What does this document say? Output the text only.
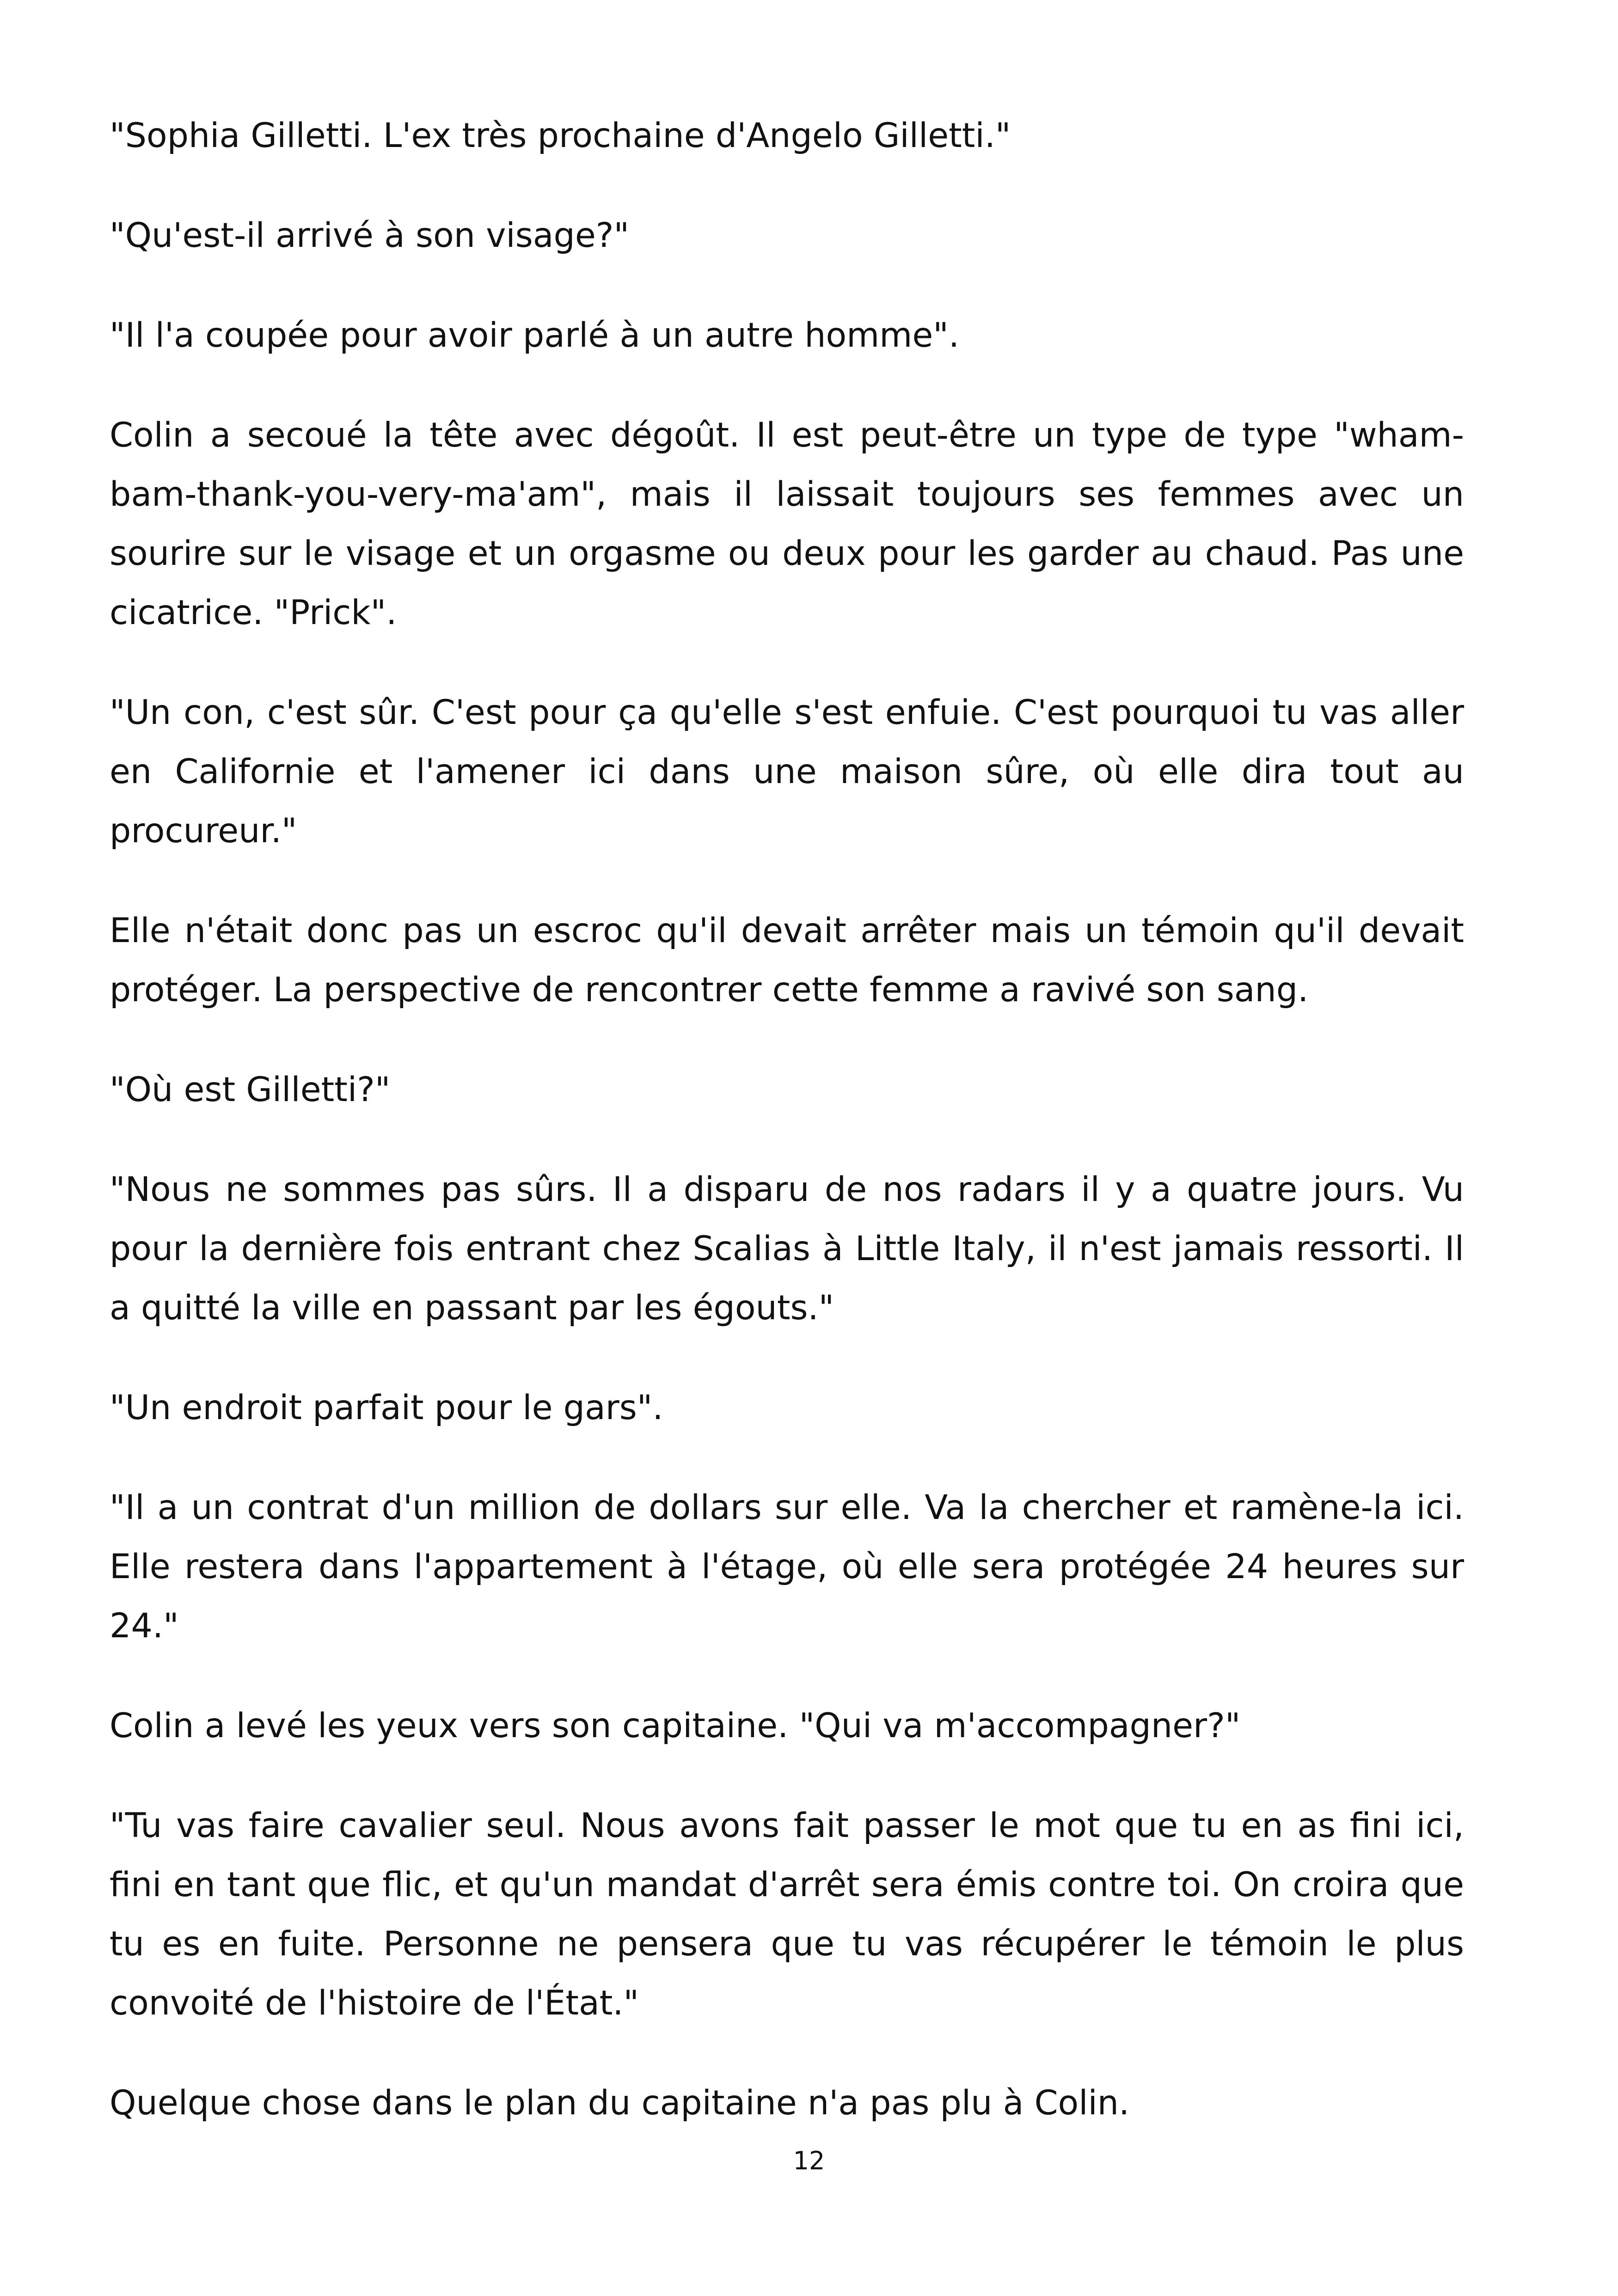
"Sophia Gilletti. L'ex très prochaine d'Angelo Gilletti."

"Qu'est-il arrivé à son visage?"

"Il l'a coupée pour avoir parlé à un autre homme".

Colin a secoué la tête avec dégoût. Il est peut-être un type de type "wham-bam-thank-you-very-ma'am", mais il laissait toujours ses femmes avec un sourire sur le visage et un orgasme ou deux pour les garder au chaud. Pas une cicatrice. "Prick".

"Un con, c'est sûr. C'est pour ça qu'elle s'est enfuie. C'est pourquoi tu vas aller en Californie et l'amener ici dans une maison sûre, où elle dira tout au procureur."

Elle n'était donc pas un escroc qu'il devait arrêter mais un témoin qu'il devait protéger. La perspective de rencontrer cette femme a ravivé son sang.

"Où est Gilletti?"

"Nous ne sommes pas sûrs. Il a disparu de nos radars il y a quatre jours. Vu pour la dernière fois entrant chez Scalias à Little Italy, il n'est jamais ressorti. Il a quitté la ville en passant par les égouts."

"Un endroit parfait pour le gars".

"Il a un contrat d'un million de dollars sur elle. Va la chercher et ramène-la ici. Elle restera dans l'appartement à l'étage, où elle sera protégée 24 heures sur 24."

Colin a levé les yeux vers son capitaine. "Qui va m'accompagner?"

"Tu vas faire cavalier seul. Nous avons fait passer le mot que tu en as fini ici, fini en tant que flic, et qu'un mandat d'arrêt sera émis contre toi. On croira que tu es en fuite. Personne ne pensera que tu vas récupérer le témoin le plus convoité de l'histoire de l'État."

Quelque chose dans le plan du capitaine n'a pas plu à Colin.

12
